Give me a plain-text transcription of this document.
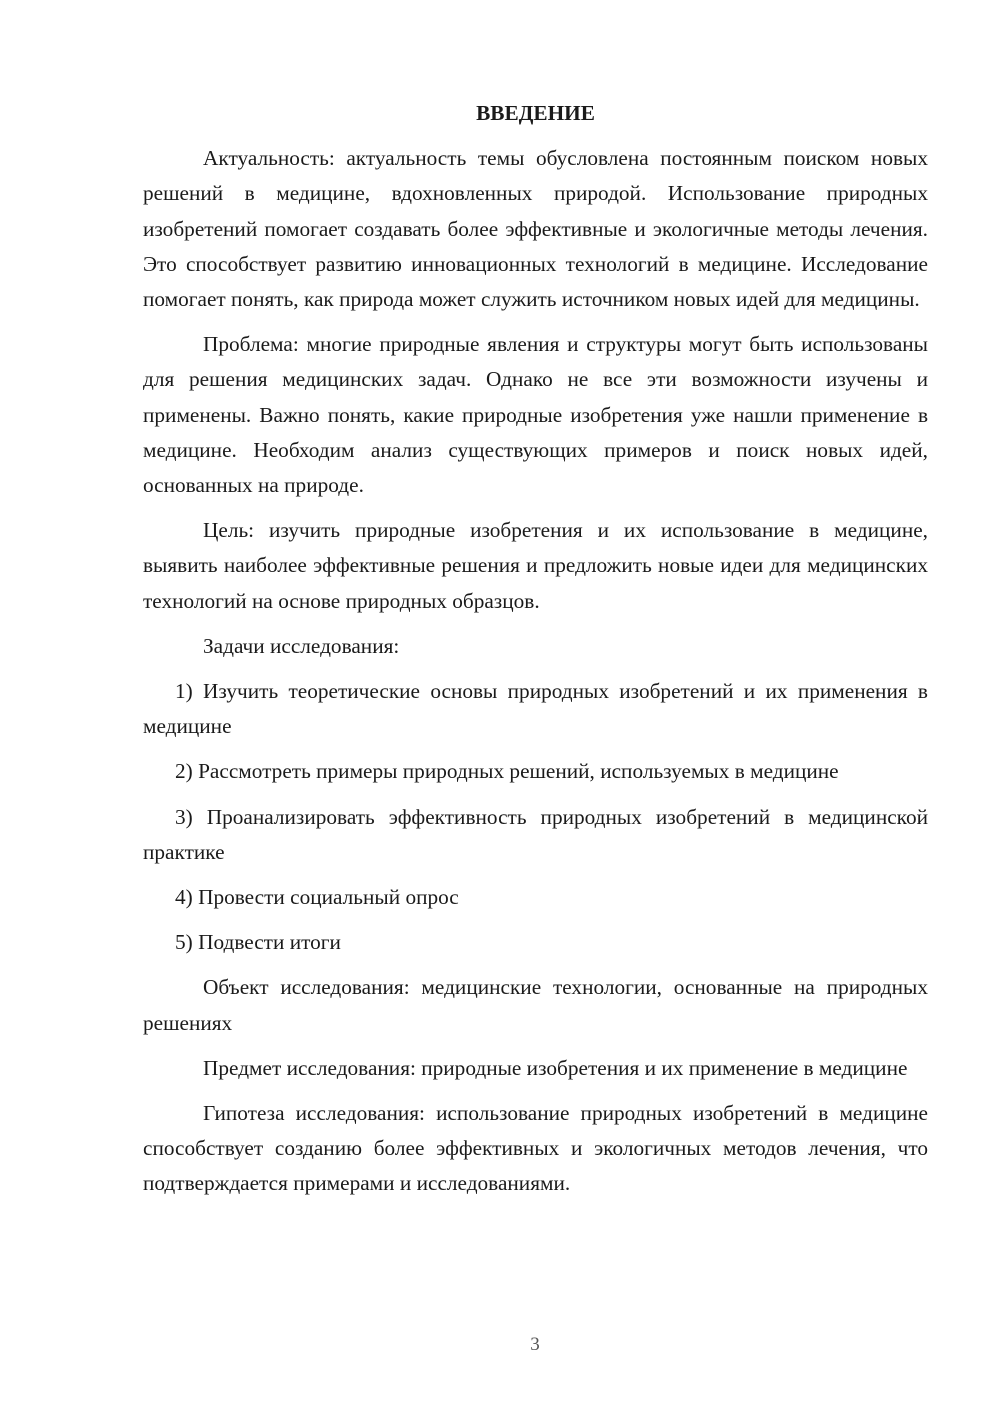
ВВЕДЕНИЕ

Актуальность: актуальность темы обусловлена постоянным поиском новых решений в медицине, вдохновленных природой. Использование природных изобретений помогает создавать более эффективные и экологичные методы лечения. Это способствует развитию инновационных технологий в медицине. Исследование помогает понять, как природа может служить источником новых идей для медицины.

Проблема: многие природные явления и структуры могут быть использованы для решения медицинских задач. Однако не все эти возможности изучены и применены. Важно понять, какие природные изобретения уже нашли применение в медицине. Необходим анализ существующих примеров и поиск новых идей, основанных на природе.

Цель: изучить природные изобретения и их использование в медицине, выявить наиболее эффективные решения и предложить новые идеи для медицинских технологий на основе природных образцов.

Задачи исследования:

1) Изучить теоретические основы природных изобретений и их применения в медицине
2) Рассмотреть примеры природных решений, используемых в медицине
3) Проанализировать эффективность природных изобретений в медицинской практике
4) Провести социальный опрос
5) Подвести итоги

Объект исследования: медицинские технологии, основанные на природных решениях

Предмет исследования: природные изобретения и их применение в медицине

Гипотеза исследования: использование природных изобретений в медицине способствует созданию более эффективных и экологичных методов лечения, что подтверждается примерами и исследованиями.

3
